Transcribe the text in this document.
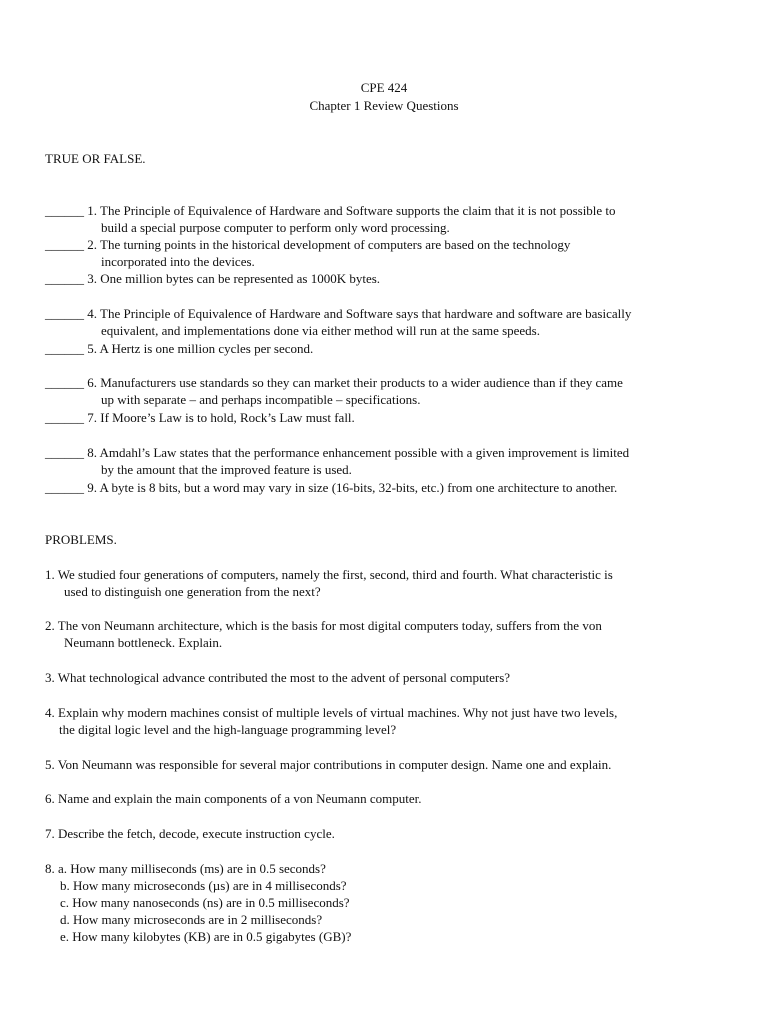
CPE 424
Chapter 1 Review Questions
TRUE OR FALSE.
______ 1. The Principle of Equivalence of Hardware and Software supports the claim that it is not possible to
build a special purpose computer to perform only word processing.
______ 2. The turning points in the historical development of computers are based on the technology
incorporated into the devices.
______ 3. One million bytes can be represented as 1000K bytes.
______ 4. The Principle of Equivalence of Hardware and Software says that hardware and software are basically
equivalent, and implementations done via either method will run at the same speeds.
______ 5. A Hertz is one million cycles per second.
______ 6. Manufacturers use standards so they can market their products to a wider audience than if they came
up with separate – and perhaps incompatible – specifications.
______ 7. If Moore’s Law is to hold, Rock’s Law must fall.
______ 8. Amdahl’s Law states that the performance enhancement possible with a given improvement is limited
by the amount that the improved feature is used.
______ 9. A byte is 8 bits, but a word may vary in size (16-bits, 32-bits, etc.) from one architecture to another.
PROBLEMS.
1. We studied four generations of computers, namely the first, second, third and fourth. What characteristic is
used to distinguish one generation from the next?
2. The von Neumann architecture, which is the basis for most digital computers today, suffers from the von
Neumann bottleneck. Explain.
3. What technological advance contributed the most to the advent of personal computers?
4. Explain why modern machines consist of multiple levels of virtual machines. Why not just have two levels,
the digital logic level and the high-language programming level?
5. Von Neumann was responsible for several major contributions in computer design. Name one and explain.
6. Name and explain the main components of a von Neumann computer.
7. Describe the fetch, decode, execute instruction cycle.
8. a. How many milliseconds (ms) are in 0.5 seconds?
b. How many microseconds (µs) are in 4 milliseconds?
c. How many nanoseconds (ns) are in 0.5 milliseconds?
d. How many microseconds are in 2 milliseconds?
e. How many kilobytes (KB) are in 0.5 gigabytes (GB)?
